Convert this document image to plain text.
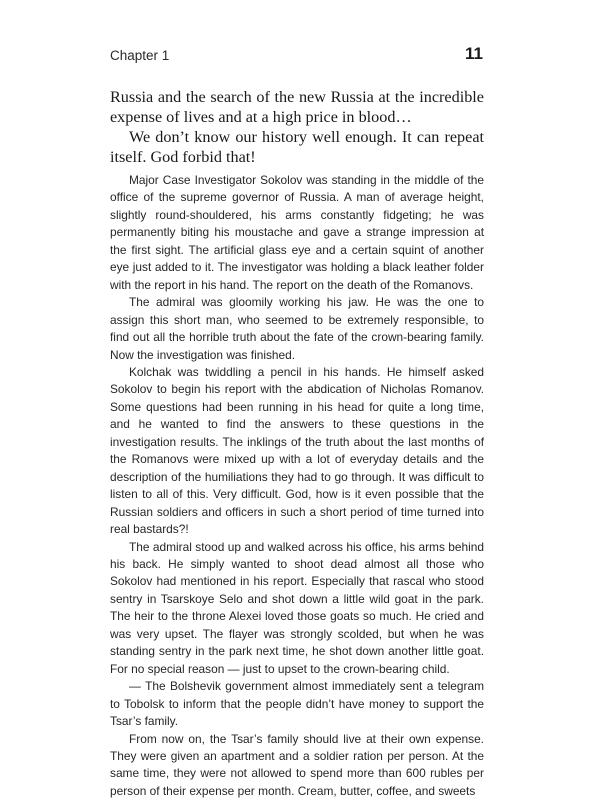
Chapter 1	11

Russia and the search of the new Russia at the incredible expense of lives and at a high price in blood…

We don’t know our history well enough. It can repeat itself. God forbid that!

Major Case Investigator Sokolov was standing in the middle of the office of the supreme governor of Russia. A man of average height, slightly round-shouldered, his arms constantly fidgeting; he was permanently biting his moustache and gave a strange impression at the first sight. The artificial glass eye and a certain squint of another eye just added to it. The investigator was holding a black leather folder with the report in his hand. The report on the death of the Romanovs.

The admiral was gloomily working his jaw. He was the one to assign this short man, who seemed to be extremely responsible, to find out all the horrible truth about the fate of the crown-bearing family. Now the investigation was finished.

Kolchak was twiddling a pencil in his hands. He himself asked Sokolov to begin his report with the abdication of Nicholas Romanov. Some questions had been running in his head for quite a long time, and he wanted to find the answers to these questions in the investigation results. The inklings of the truth about the last months of the Romanovs were mixed up with a lot of everyday details and the description of the humiliations they had to go through. It was difficult to listen to all of this. Very difficult. God, how is it even possible that the Russian soldiers and officers in such a short period of time turned into real bastards?!

The admiral stood up and walked across his office, his arms behind his back. He simply wanted to shoot dead almost all those who Sokolov had mentioned in his report. Especially that rascal who stood sentry in Tsarskoye Selo and shot down a little wild goat in the park. The heir to the throne Alexei loved those goats so much. He cried and was very upset. The flayer was strongly scolded, but when he was standing sentry in the park next time, he shot down another little goat. For no special reason — just to upset to the crown-bearing child.

— The Bolshevik government almost immediately sent a telegram to Tobolsk to inform that the people didn’t have money to support the Tsar’s family.

From now on, the Tsar’s family should live at their own expense. They were given an apartment and a soldier ration per person. At the same time, they were not allowed to spend more than 600 rubles per person of their expense per month. Cream, butter, coffee, and sweets
